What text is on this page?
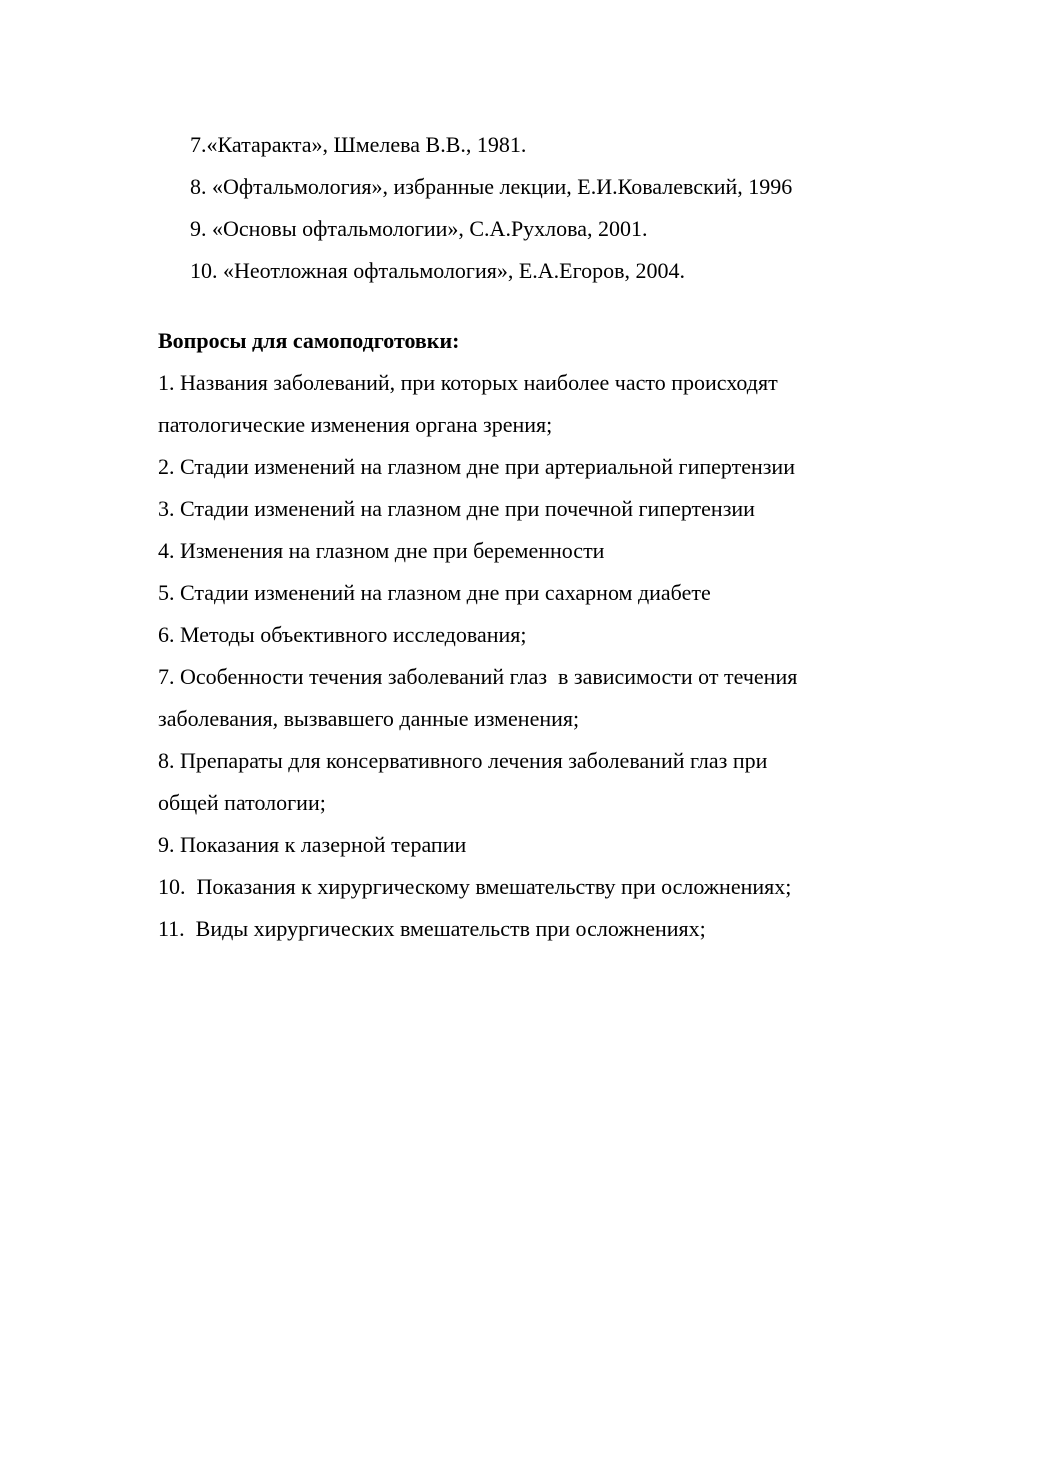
7.«Катаракта», Шмелева В.В., 1981.
8. «Офтальмология», избранные лекции, Е.И.Ковалевский, 1996
9. «Основы офтальмологии», С.А.Рухлова, 2001.
10. «Неотложная офтальмология», Е.А.Егоров, 2004.
Вопросы для самоподготовки:
1. Названия заболеваний, при которых наиболее часто происходят
патологические изменения органа зрения;
2. Стадии изменений на глазном дне при артериальной гипертензии
3. Стадии изменений на глазном дне при почечной гипертензии
4. Изменения на глазном дне при беременности
5. Стадии изменений на глазном дне при сахарном диабете
6. Методы объективного исследования;
7. Особенности течения заболеваний глаз  в зависимости от течения
заболевания, вызвавшего данные изменения;
8. Препараты для консервативного лечения заболеваний глаз при
общей патологии;
9. Показания к лазерной терапии
10.  Показания к хирургическому вмешательству при осложнениях;
11.  Виды хирургических вмешательств при осложнениях;
